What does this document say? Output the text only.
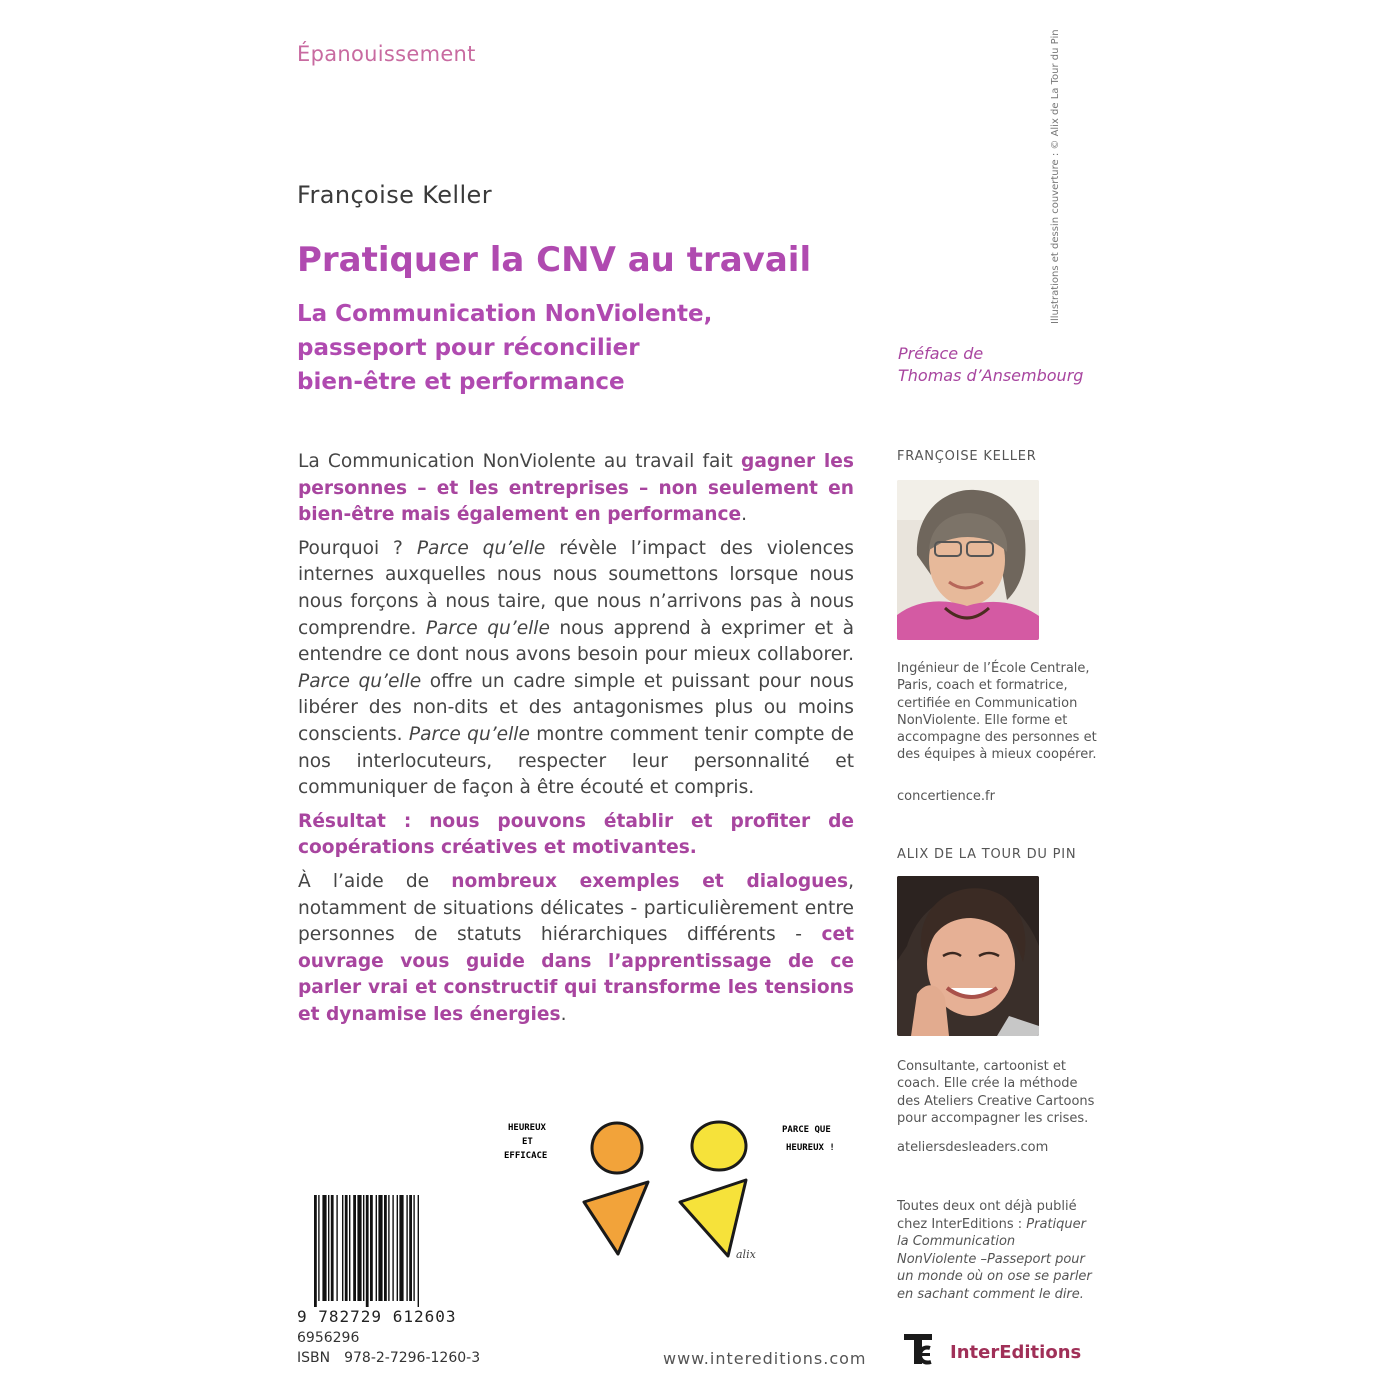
Épanouissement
Françoise Keller
Pratiquer la CNV au travail
La Communication NonViolente,
passeport pour réconcilier
bien-être et performance
Illustrations et dessin couverture : © Alix de La Tour du Pin

La Communication NonViolente au travail fait gagner les personnes – et les entreprises – non seulement en bien-être mais également en performance.

Pourquoi ? Parce qu’elle révèle l’impact des violences internes auxquelles nous nous soumettons lorsque nous nous forçons à nous taire, que nous n’arrivons pas à nous comprendre. Parce qu’elle nous apprend à exprimer et à entendre ce dont nous avons besoin pour mieux collaborer. Parce qu’elle offre un cadre simple et puissant pour nous libérer des non-dits et des antagonismes plus ou moins conscients. Parce qu’elle montre comment tenir compte de nos interlocuteurs, respecter leur personnalité et communiquer de façon à être écouté et compris.

Résultat : nous pouvons établir et profiter de coopérations créatives et motivantes.

À l’aide de nombreux exemples et dialogues, notamment de situations délicates - particulièrement entre personnes de statuts hiérarchiques différents - cet ouvrage vous guide dans l’apprentissage de ce parler vrai et constructif qui transforme les tensions et dynamise les énergies.

Préface de
Thomas d’Ansembourg
FRANÇOISE KELLER
Ingénieur de l’École Centrale, Paris, coach et formatrice, certifiée en Communication NonViolente. Elle forme et accompagne des personnes et des équipes à mieux coopérer.
concertience.fr
ALIX DE LA TOUR DU PIN
Consultante, cartoonist et coach. Elle crée la méthode des Ateliers Creative Cartoons pour accompagner les crises.
ateliersdesleaders.com
Toutes deux ont déjà publié chez InterEditions : Pratiquer la Communication NonViolente –Passeport pour un monde où on ose se parler en sachant comment le dire.
HEUREUX
ET
EFFICACE
PARCE QUE
HEUREUX !
alix
9 782729 612603
6956296
ISBN 978-2-7296-1260-3	www.intereditions.com	InterEditions
